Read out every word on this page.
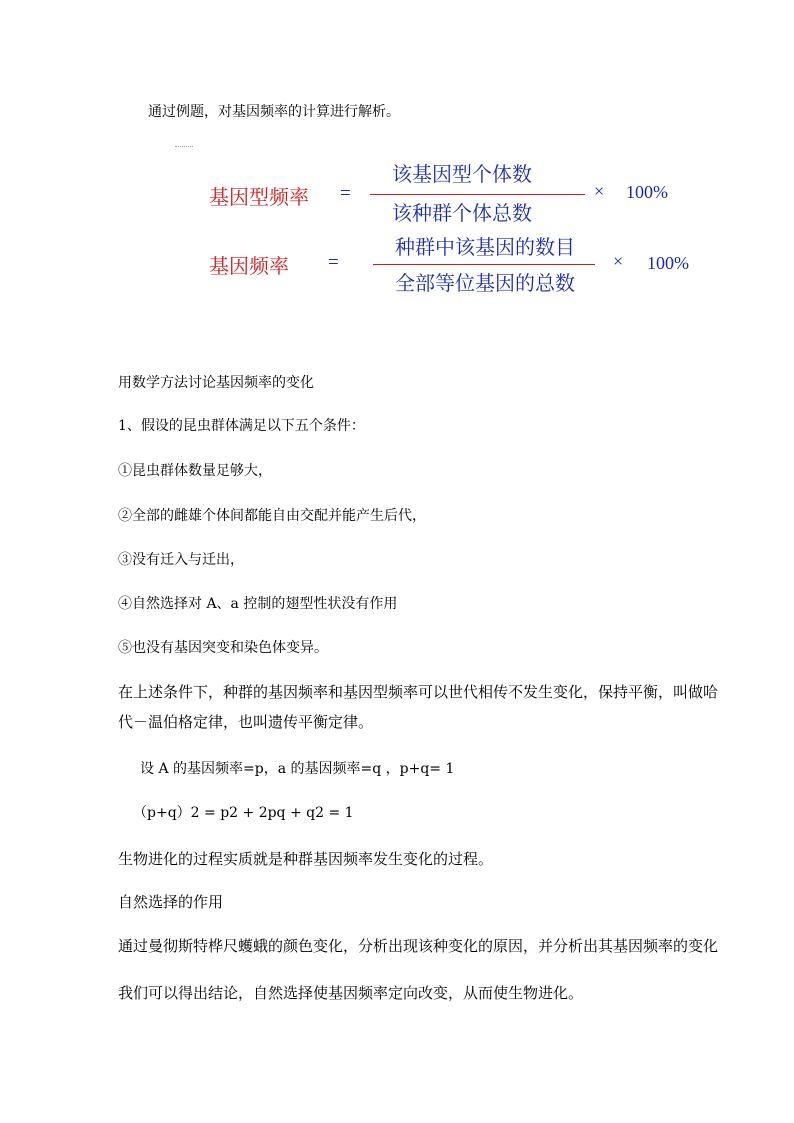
通过例题，对基因频率的计算进行解析。
基因型频率 =
该基因型个体数
该种群个体总数
× 100%
基因频率 =
种群中该基因的数目
全部等位基因的总数
× 100%
用数学方法讨论基因频率的变化
1、假设的昆虫群体满足以下五个条件：
①昆虫群体数量足够大，
②全部的雌雄个体间都能自由交配并能产生后代，
③没有迁入与迁出，
④自然选择对 A、a 控制的翅型性状没有作用
⑤也没有基因突变和染色体变异。
在上述条件下，种群的基因频率和基因型频率可以世代相传不发生变化，保持平衡，叫做哈
代－温伯格定律，也叫遗传平衡定律。
设 A 的基因频率=p，a 的基因频率=q ，p+q= 1
（p+q）2 = p2 + 2pq + q2 = 1
生物进化的过程实质就是种群基因频率发生变化的过程。
自然选择的作用
通过曼彻斯特桦尺蠖蛾的颜色变化，分析出现该种变化的原因，并分析出其基因频率的变化
我们可以得出结论，自然选择使基因频率定向改变，从而使生物进化。
